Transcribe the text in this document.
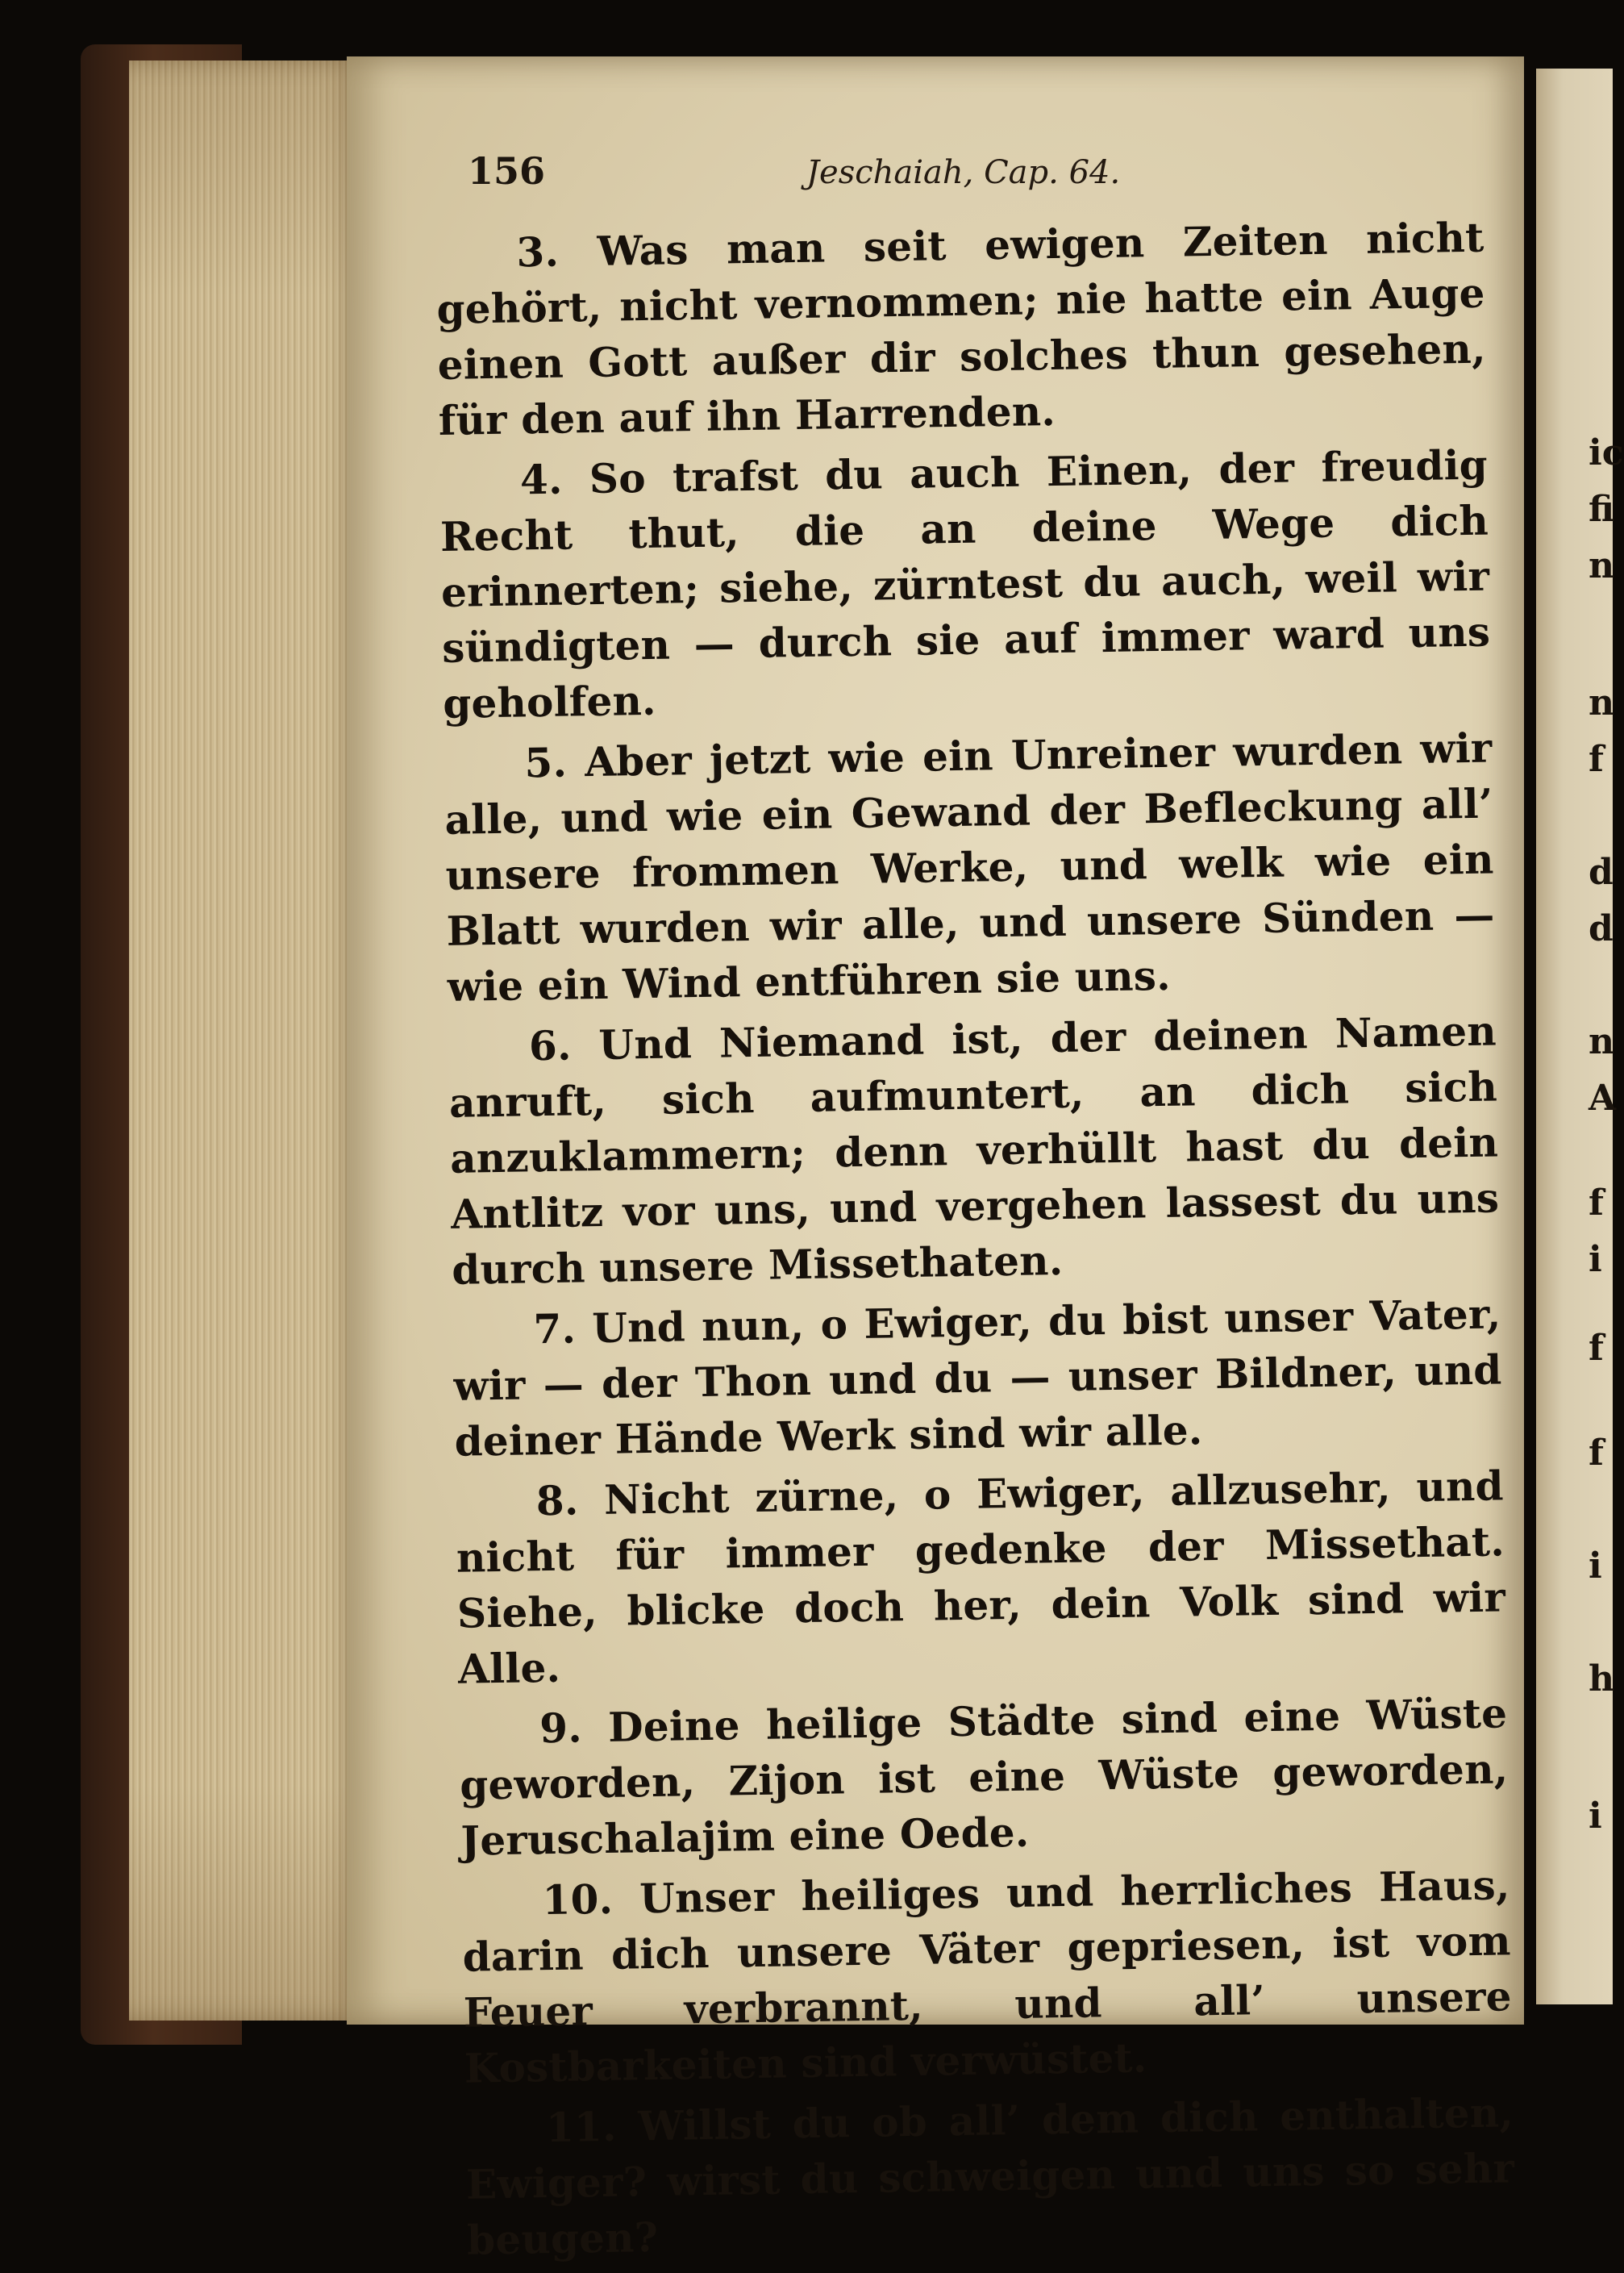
ic
fi
n
n
f
d
d
n
A
f
i
f
f
i
h
i
156	Jeschaiah, Cap. 64.

3. Was man seit ewigen Zeiten nicht gehört, nicht vernommen; nie hatte ein Auge einen Gott außer dir solches thun gesehen, für den auf ihn Harrenden.

4. So trafst du auch Einen, der freudig Recht thut, die an deine Wege dich erinnerten; siehe, zürntest du auch, weil wir sündigten — durch sie auf immer ward uns geholfen.

5. Aber jetzt wie ein Unreiner wurden wir alle, und wie ein Gewand der Befleckung all’ unsere frommen Werke, und welk wie ein Blatt wurden wir alle, und unsere Sünden — wie ein Wind entführen sie uns.

6. Und Niemand ist, der deinen Namen anruft, sich aufmuntert, an dich sich anzuklammern; denn verhüllt hast du dein Antlitz vor uns, und vergehen lassest du uns durch unsere Missethaten.

7. Und nun, o Ewiger, du bist unser Vater, wir — der Thon und du — unser Bildner, und deiner Hände Werk sind wir alle.

8. Nicht zürne, o Ewiger, allzusehr, und nicht für immer gedenke der Missethat. Siehe, blicke doch her, dein Volk sind wir Alle.

9. Deine heilige Städte sind eine Wüste geworden, Zijon ist eine Wüste geworden, Jeruschalajim eine Oede.

10. Unser heiliges und herrliches Haus, darin dich unsere Väter gepriesen, ist vom Feuer verbrannt, und all’ unsere Kostbarkeiten sind verwüstet.

11. Willst du ob all’ dem dich enthalten, Ewiger? wirst du schweigen und uns so sehr beugen?
